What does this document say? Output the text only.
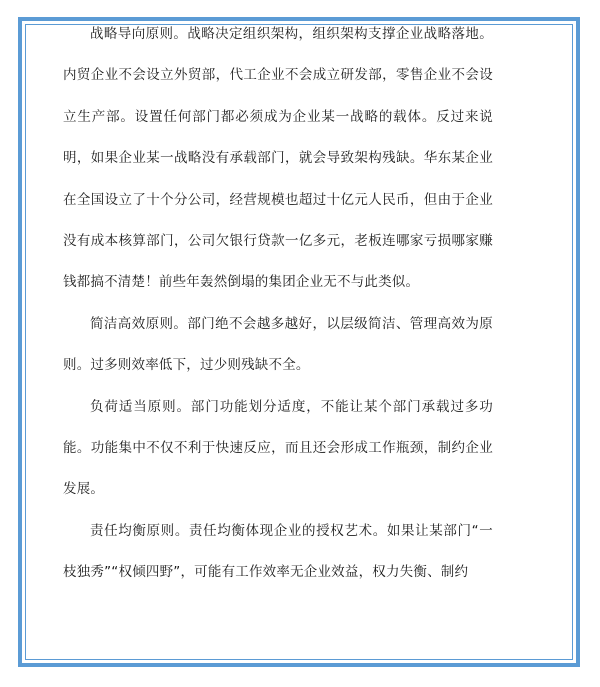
战略导向原则。战略决定组织架构，组织架构支撑企业战略落地。内贸企业不会设立外贸部，代工企业不会成立研发部，零售企业不会设立生产部。设置任何部门都必须成为企业某一战略的载体。反过来说明，如果企业某一战略没有承载部门，就会导致架构残缺。华东某企业在全国设立了十个分公司，经营规模也超过十亿元人民币，但由于企业没有成本核算部门，公司欠银行贷款一亿多元，老板连哪家亏损哪家赚钱都搞不清楚！前些年轰然倒塌的集团企业无不与此类似。

简洁高效原则。部门绝不会越多越好，以层级简洁、管理高效为原则。过多则效率低下，过少则残缺不全。

负荷适当原则。部门功能划分适度，不能让某个部门承载过多功能。功能集中不仅不利于快速反应，而且还会形成工作瓶颈，制约企业发展。

责任均衡原则。责任均衡体现企业的授权艺术。如果让某部门“一枝独秀”“权倾四野”，可能有工作效率无企业效益，权力失衡、制约
